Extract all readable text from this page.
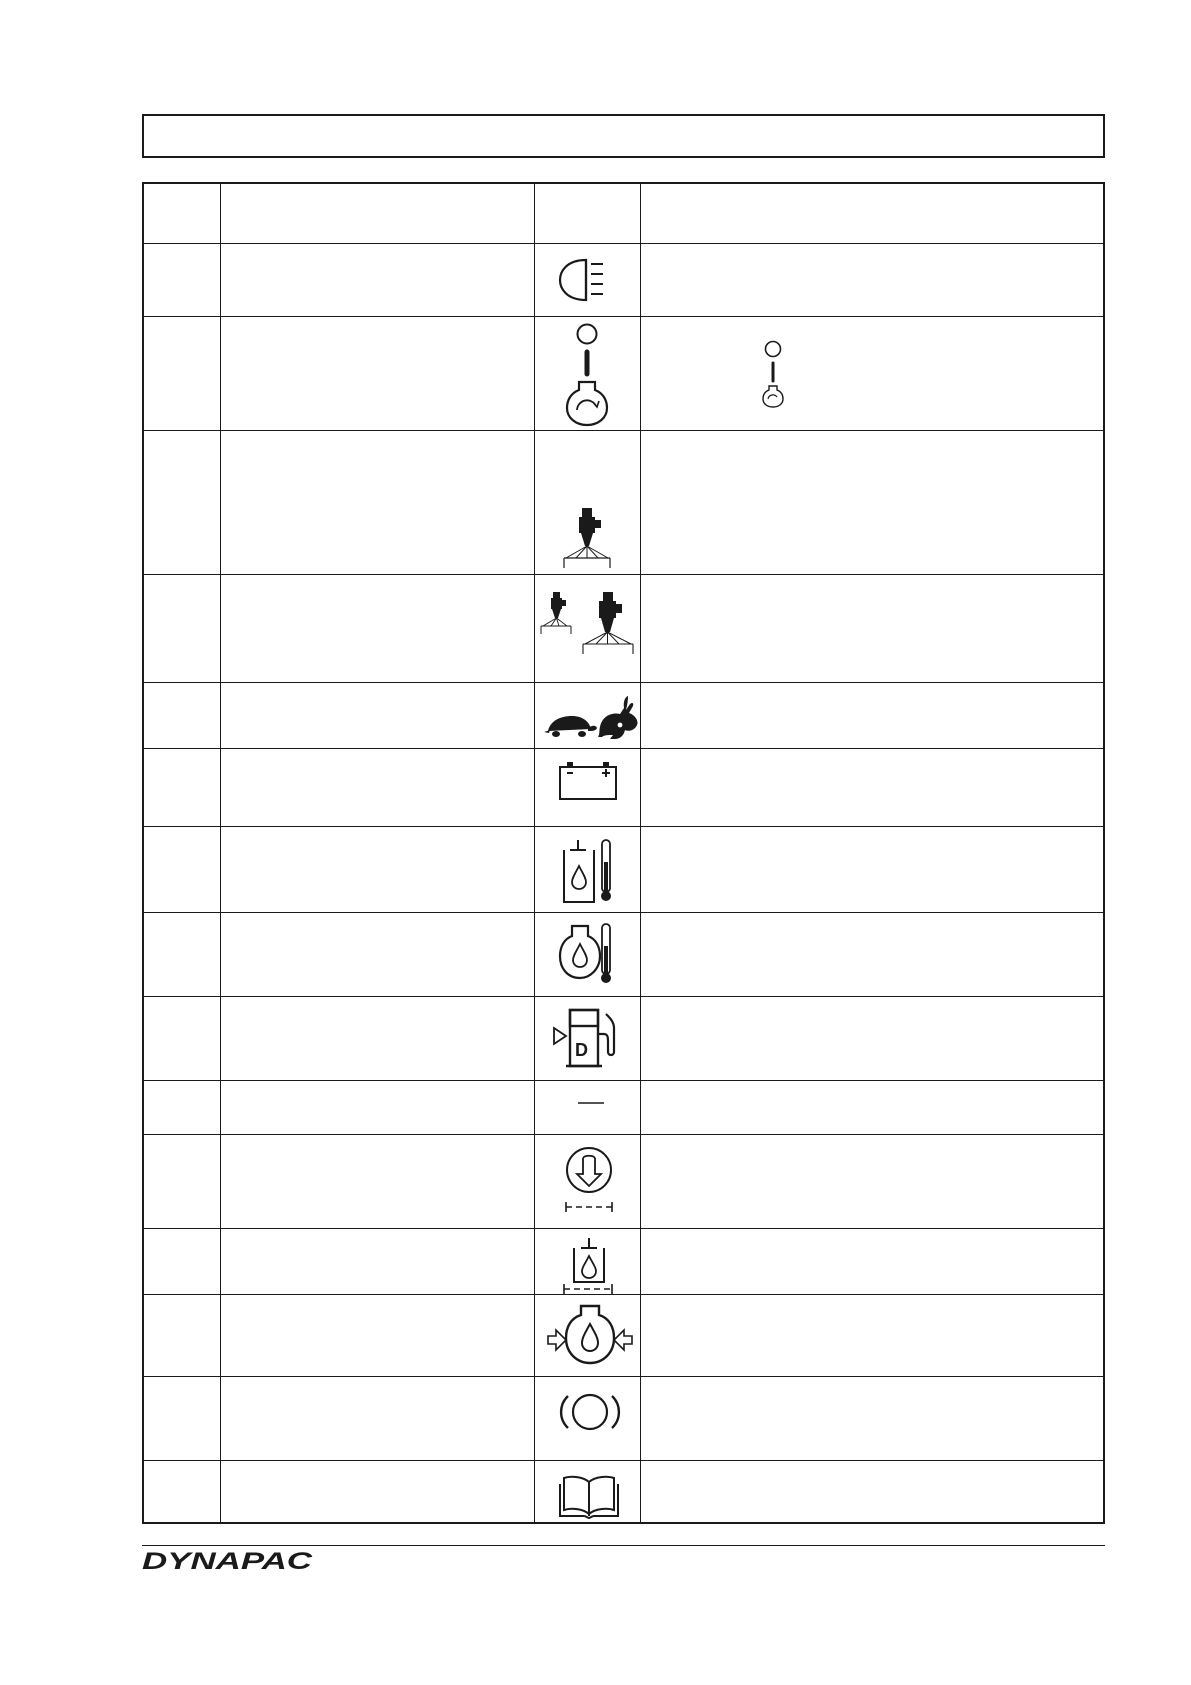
D
DYNAPAC
